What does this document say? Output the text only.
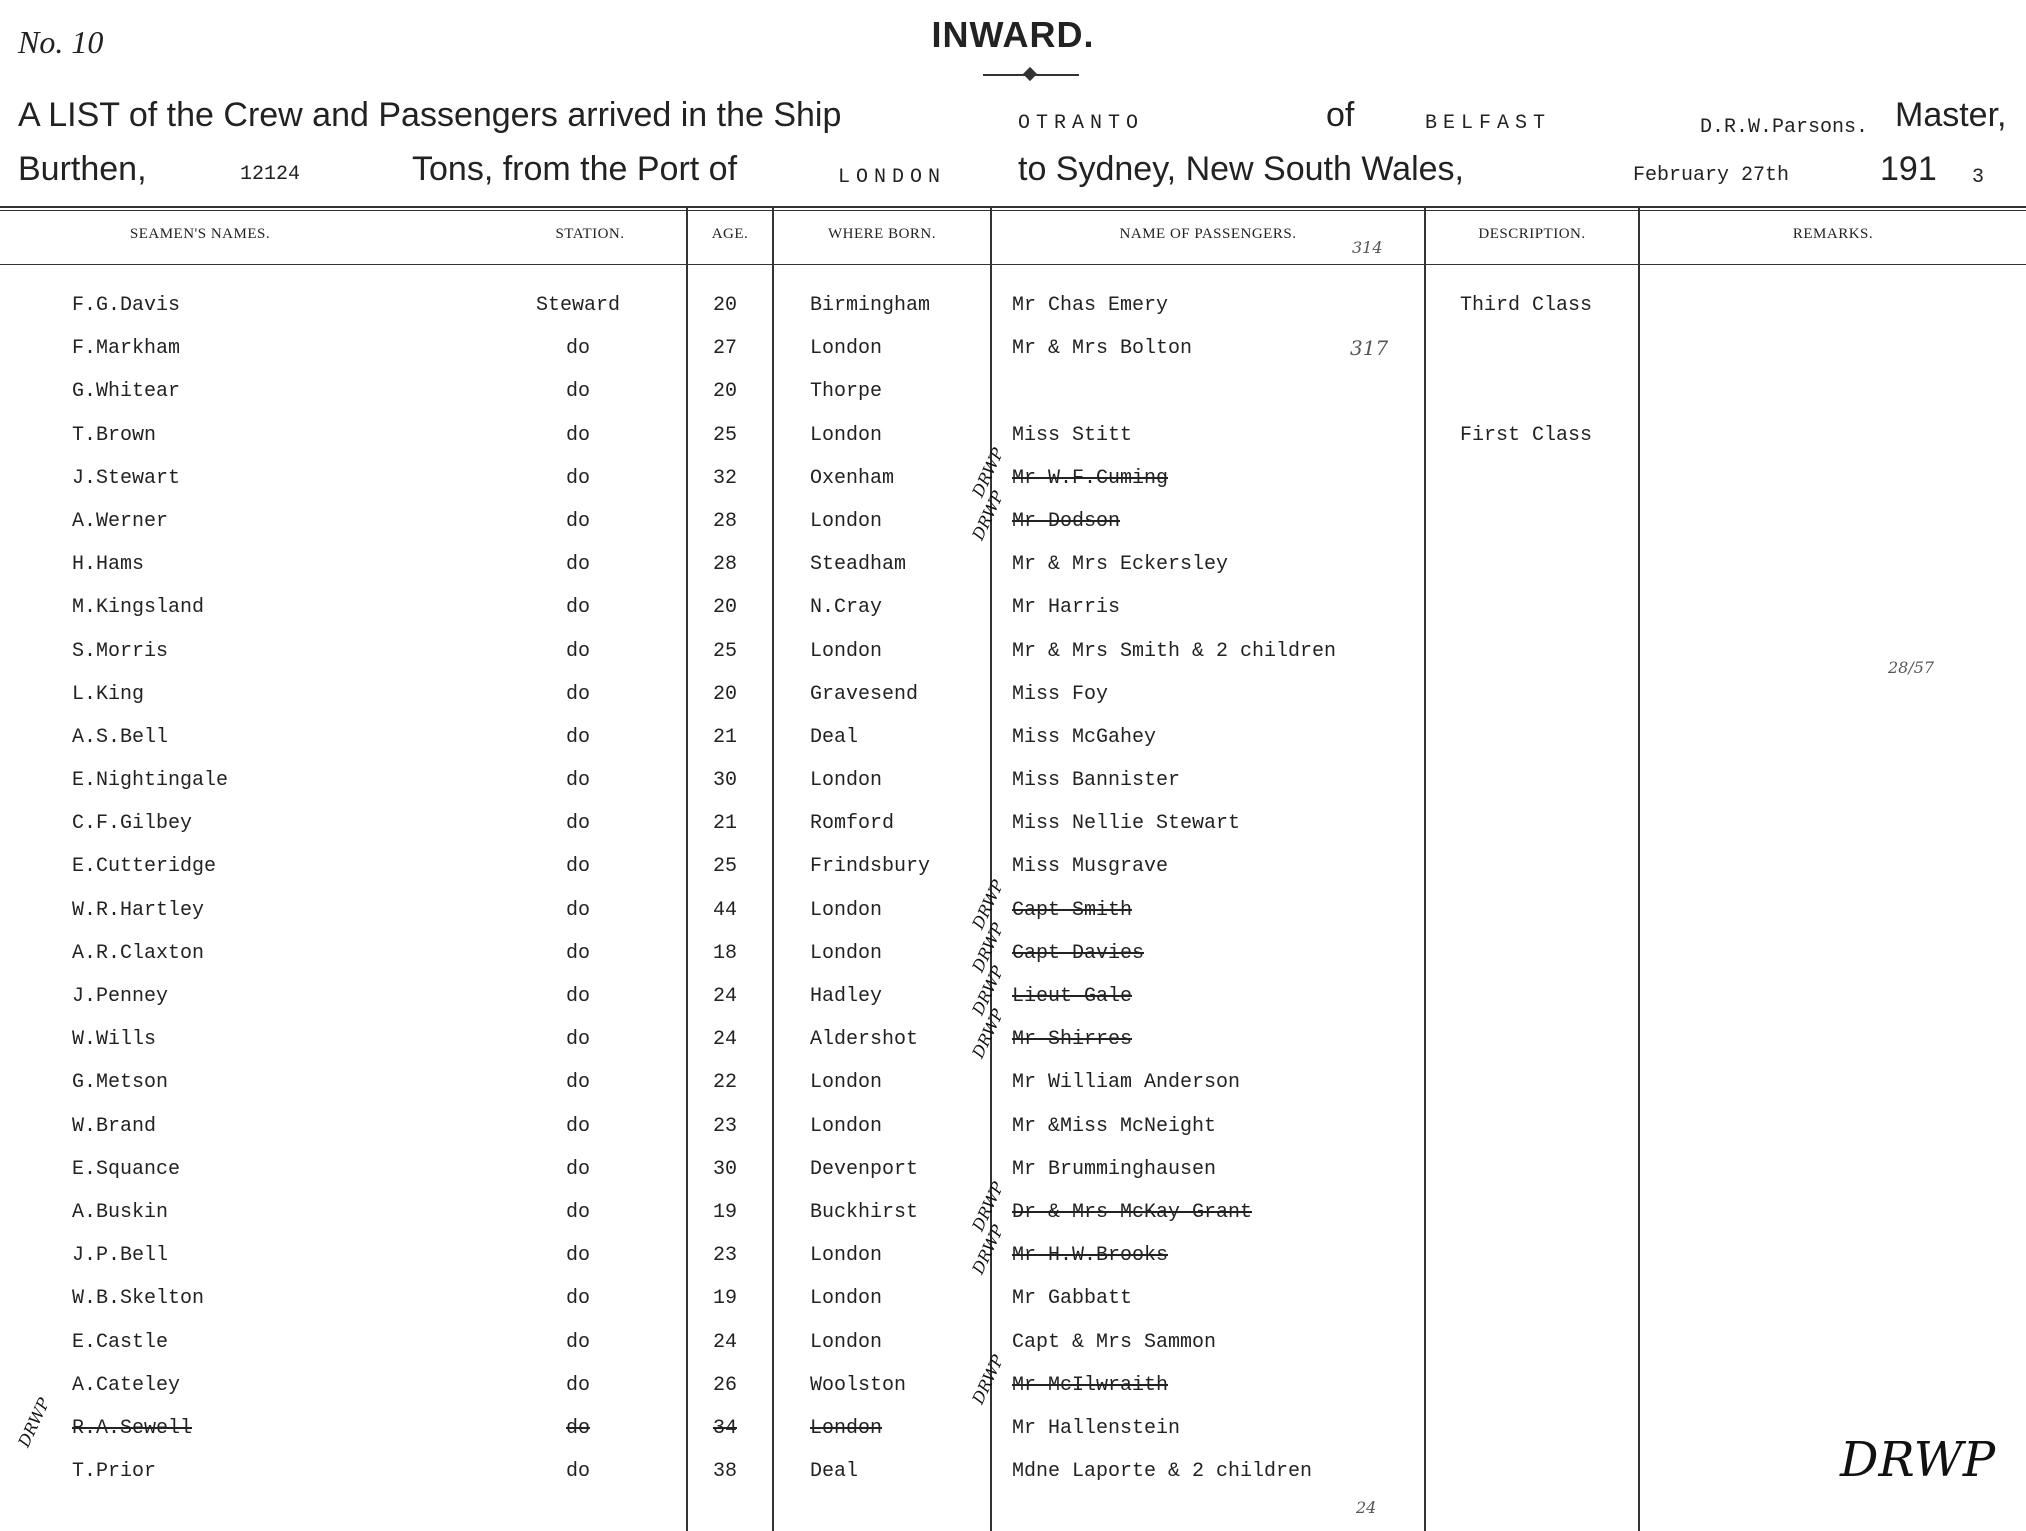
No. 10	INWARD.
A LIST of the Crew and Passengers arrived in the Ship	OTRANTO	of	BELFAST	D.R.W.Parsons. Master,
Burthen,	12124	Tons, from the Port of	LONDON to Sydney, New South Wales,	February 27th	191 3
SEAMEN'S NAMES.	STATION.	AGE.	WHERE BORN.	NAME OF PASSENGERS.	DESCRIPTION.	REMARKS.
314
317
28/57
24
F.G.Davis	Steward	20	Birmingham	Mr Chas Emery	Third Class
F.Markham	do	27	London	Mr & Mrs Bolton
G.Whitear	do	20	Thorpe
T.Brown	do	25	London	Miss Stitt	First Class
J.Stewart	do	32	Oxenham	Mr W.F.Cuming
DRWP
A.Werner	do	28	London	Mr Dodson
DRWP
H.Hams	do	28	Steadham	Mr & Mrs Eckersley
M.Kingsland	do	20	N.Cray	Mr Harris
S.Morris	do	25	London	Mr & Mrs Smith & 2 children
L.King	do	20	Gravesend	Miss Foy
A.S.Bell	do	21	Deal	Miss McGahey
E.Nightingale	do	30	London	Miss Bannister
C.F.Gilbey	do	21	Romford	Miss Nellie Stewart
E.Cutteridge	do	25	Frindsbury	Miss Musgrave
W.R.Hartley	do	44	London	Capt Smith
DRWP
A.R.Claxton	do	18	London	Capt Davies
DRWP
J.Penney	do	24	Hadley	Lieut Gale
DRWP
W.Wills	do	24	Aldershot	Mr Shirres
DRWP
G.Metson	do	22	London	Mr William Anderson
W.Brand	do	23	London	Mr &Miss McNeight
E.Squance	do	30	Devenport	Mr Brumminghausen
A.Buskin	do	19	Buckhirst	Dr & Mrs McKay Grant
DRWP
J.P.Bell	do	23	London	Mr H.W.Brooks
DRWP
W.B.Skelton	do	19	London	Mr Gabbatt
E.Castle	do	24	London	Capt & Mrs Sammon
A.Cateley	do	26	Woolston	Mr McIlwraith
DRWP
R.A.Sewell	do	34	London	Mr Hallenstein
DRWP
T.Prior	do	38	Deal	Mdne Laporte & 2 children	DRWP
